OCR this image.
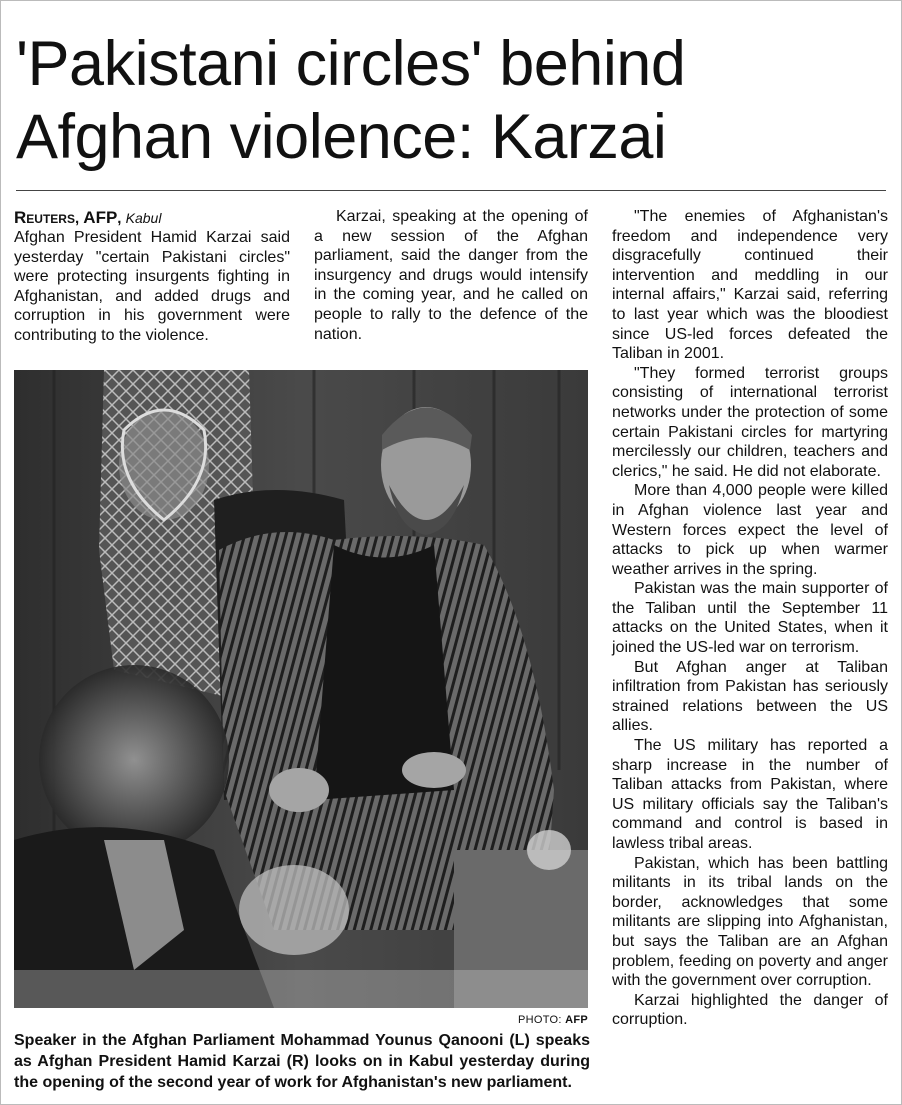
'Pakistani circles' behind Afghan violence: Karzai
Reuters, AFP, Kabul

Afghan President Hamid Karzai said yesterday "certain Pakistani circles" were protecting insurgents fighting in Afghanistan, and added drugs and corruption in his government were contributing to the violence.

Karzai, speaking at the opening of a new session of the Afghan parliament, said the danger from the insurgency and drugs would intensify in the coming year, and he called on people to rally to the defence of the nation.

"The enemies of Afghanistan's freedom and independence very disgracefully continued their intervention and meddling in our internal affairs," Karzai said, referring to last year which was the bloodiest since US-led forces defeated the Taliban in 2001.

"They formed terrorist groups consisting of international terrorist networks under the protection of some certain Pakistani circles for martyring mercilessly our children, teachers and clerics," he said. He did not elaborate.

More than 4,000 people were killed in Afghan violence last year and Western forces expect the level of attacks to pick up when warmer weather arrives in the spring.

Pakistan was the main supporter of the Taliban until the September 11 attacks on the United States, when it joined the US-led war on terrorism.

But Afghan anger at Taliban infiltration from Pakistan has seriously strained relations between the US allies.

The US military has reported a sharp increase in the number of Taliban attacks from Pakistan, where US military officials say the Taliban's command and control is based in lawless tribal areas.

Pakistan, which has been battling militants in its tribal lands on the border, acknowledges that some militants are slipping into Afghanistan, but says the Taliban are an Afghan problem, feeding on poverty and anger with the government over corruption.

Karzai highlighted the danger of corruption.

PHOTO: AFP

Speaker in the Afghan Parliament Mohammad Younus Qanooni (L) speaks as Afghan President Hamid Karzai (R) looks on in Kabul yesterday during the opening of the second year of work for Afghanistan's new parliament.
